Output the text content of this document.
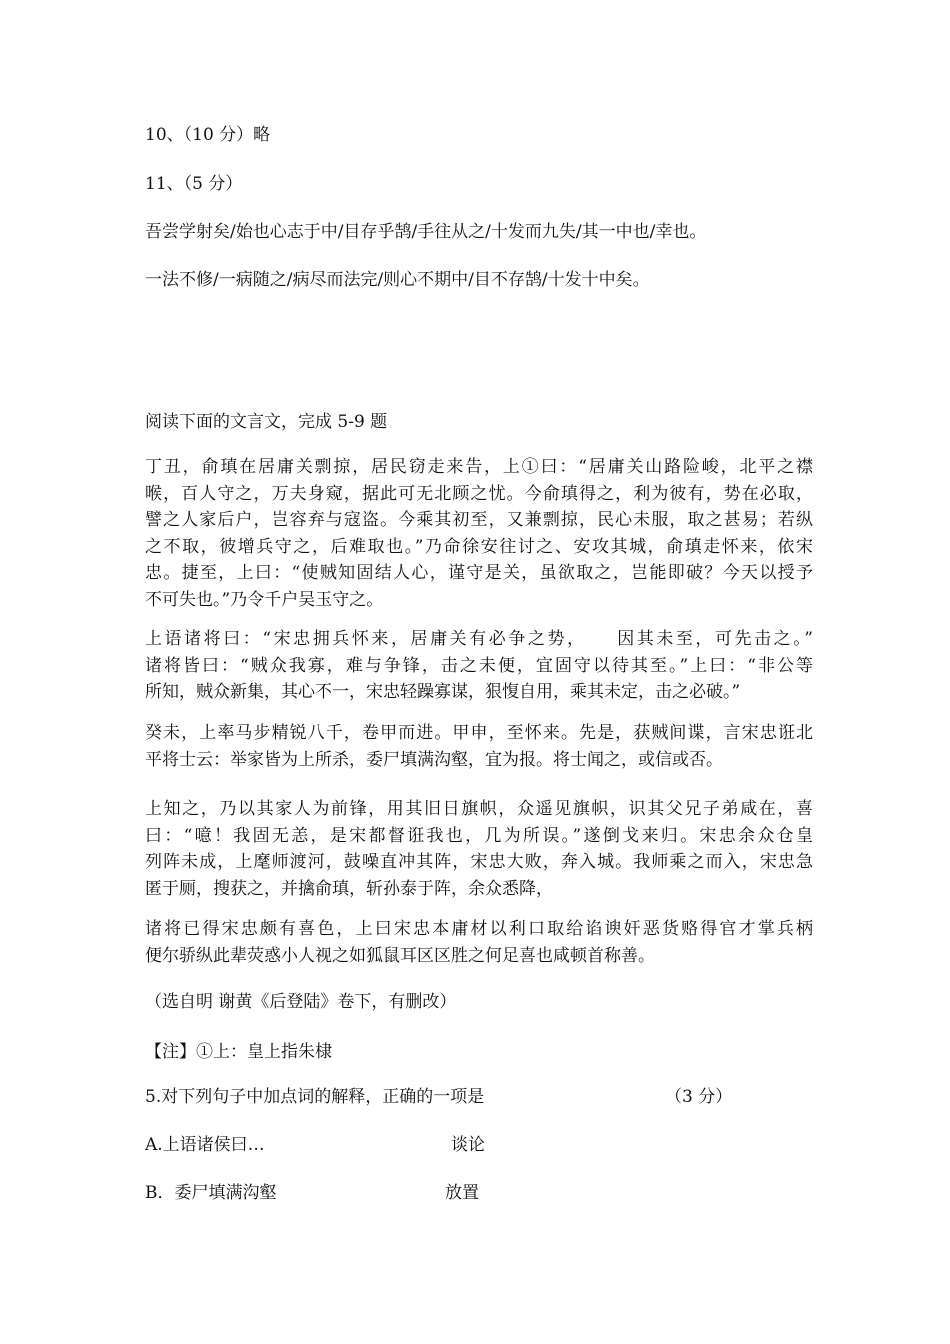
10、（10 分）略
11、（5 分）
吾尝学射矣/始也心志于中/目存乎鹄/手往从之/十发而九失/其一中也/幸也。
一法不修/一病随之/病尽而法完/则心不期中/目不存鹄/十发十中矣。
阅读下面的文言文，完成 5-9 题
丁丑，俞瑱在居庸关剽掠，居民窃走来告，上①曰：“居庸关山路险峻，北平之襟
喉，百人守之，万夫身窥，据此可无北顾之忧。今俞瑱得之，利为彼有，势在必取，
譬之人家后户，岂容弃与寇盗。今乘其初至，又兼剽掠，民心未服，取之甚易；若纵
之不取，彼增兵守之，后难取也。”乃命徐安往讨之、安攻其城，俞瑱走怀来，依宋
忠。捷至，上曰：“使贼知固结人心，谨守是关，虽欲取之，岂能即破？今天以授予
不可失也。”乃令千户吴玉守之。
上语诸将曰：“宋忠拥兵怀来，居庸关有必争之势，　　因其未至，可先击之。”
诸将皆曰：“贼众我寡，难与争锋，击之未便，宜固守以待其至。”上曰：“非公等
所知，贼众新集，其心不一，宋忠轻躁寡谋，狠愎自用，乘其未定，击之必破。”
癸未，上率马步精锐八千，卷甲而进。甲申，至怀来。先是，获贼间谍，言宋忠诳北
平将士云：举家皆为上所杀，委尸填满沟壑，宜为报。将士闻之，或信或否。
上知之，乃以其家人为前锋，用其旧日旗帜，众遥见旗帜，识其父兄子弟咸在，喜
曰：“噫！我固无恙，是宋都督诳我也，几为所误。”遂倒戈来归。宋忠余众仓皇
列阵未成，上麾师渡河，鼓噪直冲其阵，宋忠大败，奔入城。我师乘之而入，宋忠急
匿于厕，搜获之，并擒俞瑱，斩孙泰于阵，余众悉降，
诸将已得宋忠颇有喜色，上曰宋忠本庸材以利口取给谄谀奸恶货赂得官才掌兵柄
便尔骄纵此辈荧惑小人视之如狐鼠耳区区胜之何足喜也咸顿首称善。
（选自明 谢黄《后登陆》卷下，有删改）
【注】①上：皇上指朱棣
5.对下列句子中加点词的解释，正确的一项是	（3 分）
A.上语诸侯曰…	谈论
B．委尸填满沟壑	放置
